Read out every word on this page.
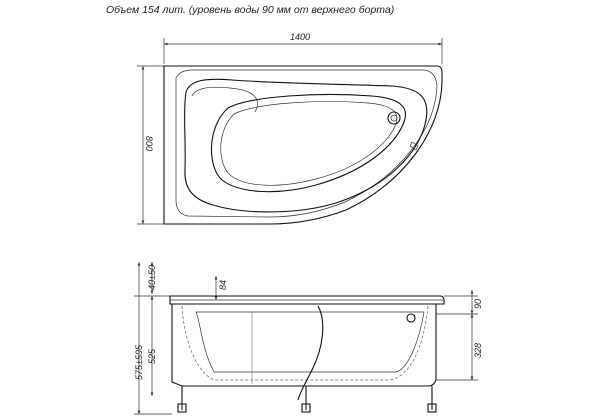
Объем 154 лит. (уровень воды 90 мм от верхнего борта)
1400
800
40±50
575±595 525
84
90
328
